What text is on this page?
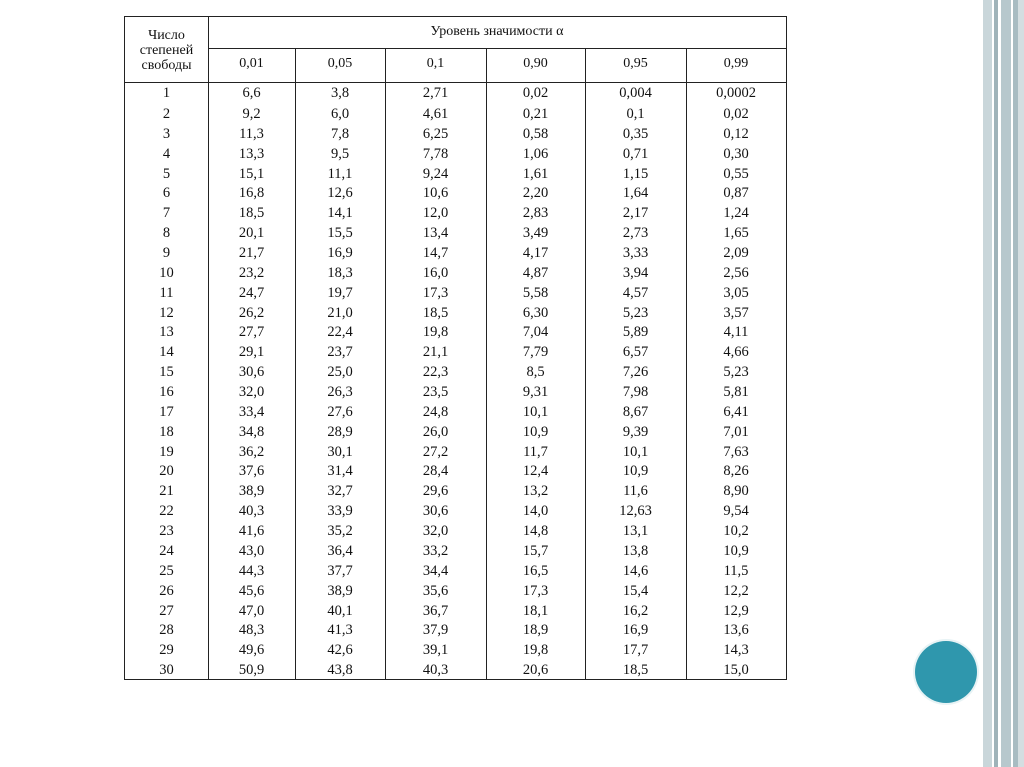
Число
степеней
свободы
Уровень значимости α
0,01	0,05	0,1	0,90	0,95	0,99
1	6,6	3,8	2,71	0,02	0,004	0,0002
2	9,2	6,0	4,61	0,21	0,1	0,02
3	11,3	7,8	6,25	0,58	0,35	0,12
4	13,3	9,5	7,78	1,06	0,71	0,30
5	15,1	11,1	9,24	1,61	1,15	0,55
6	16,8	12,6	10,6	2,20	1,64	0,87
7	18,5	14,1	12,0	2,83	2,17	1,24
8	20,1	15,5	13,4	3,49	2,73	1,65
9	21,7	16,9	14,7	4,17	3,33	2,09
10	23,2	18,3	16,0	4,87	3,94	2,56
11	24,7	19,7	17,3	5,58	4,57	3,05
12	26,2	21,0	18,5	6,30	5,23	3,57
13	27,7	22,4	19,8	7,04	5,89	4,11
14	29,1	23,7	21,1	7,79	6,57	4,66
15	30,6	25,0	22,3	8,5	7,26	5,23
16	32,0	26,3	23,5	9,31	7,98	5,81
17	33,4	27,6	24,8	10,1	8,67	6,41
18	34,8	28,9	26,0	10,9	9,39	7,01
19	36,2	30,1	27,2	11,7	10,1	7,63
20	37,6	31,4	28,4	12,4	10,9	8,26
21	38,9	32,7	29,6	13,2	11,6	8,90
22	40,3	33,9	30,6	14,0	12,63	9,54
23	41,6	35,2	32,0	14,8	13,1	10,2
24	43,0	36,4	33,2	15,7	13,8	10,9
25	44,3	37,7	34,4	16,5	14,6	11,5
26	45,6	38,9	35,6	17,3	15,4	12,2
27	47,0	40,1	36,7	18,1	16,2	12,9
28	48,3	41,3	37,9	18,9	16,9	13,6
29	49,6	42,6	39,1	19,8	17,7	14,3
30	50,9	43,8	40,3	20,6	18,5	15,0
